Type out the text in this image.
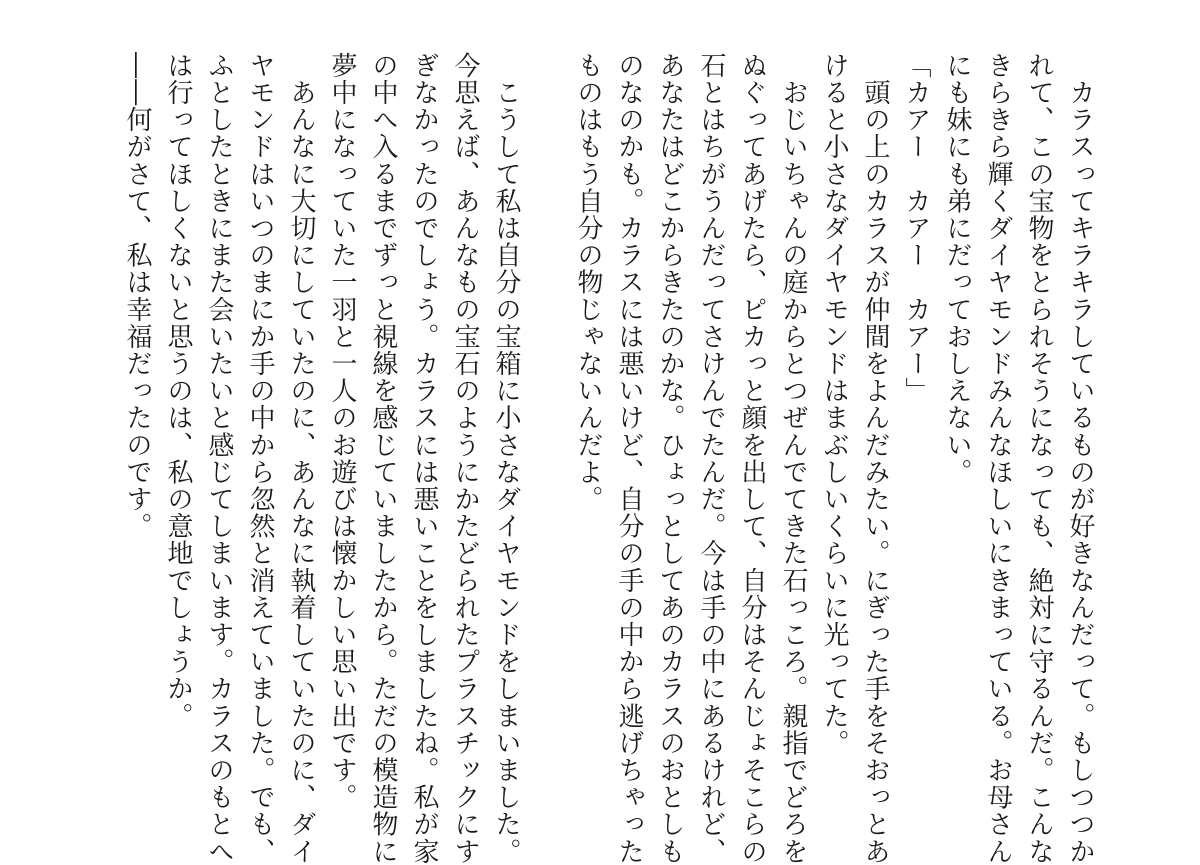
　カラスってキラキラしているものが好きなんだって。もしつつか
れて、この宝物をとられそうになっても、絶対に守るんだ。こんな
きらきら輝くダイヤモンドみんなほしいにきまっている。お母さん
にも妹にも弟にだっておしえない。
「カアー　カアー　カアー」
　頭の上のカラスが仲間をよんだみたい。にぎった手をそおっとあ
けると小さなダイヤモンドはまぶしいくらいに光ってた。
　おじいちゃんの庭からとつぜんでてきた石っころ。親指でどろを
ぬぐってあげたら、ピカっと顔を出して、自分はそんじょそこらの
石とはちがうんだってさけんでたんだ。今は手の中にあるけれど、
あなたはどこからきたのかな。ひょっとしてあのカラスのおとしも
のなのかも。カラスには悪いけど、自分の手の中から逃げちゃった
ものはもう自分の物じゃないんだよ。
　こうして私は自分の宝箱に小さなダイヤモンドをしまいました。
今思えば、あんなもの宝石のようにかたどられたプラスチックにす
ぎなかったのでしょう。カラスには悪いことをしましたね。私が家
の中へ入るまでずっと視線を感じていましたから。ただの模造物に
夢中になっていた一羽と一人のお遊びは懐かしい思い出です。
　あんなに大切にしていたのに、あんなに執着していたのに、ダイ
ヤモンドはいつのまにか手の中から忽然と消えていました。でも、
ふとしたときにまた会いたいと感じてしまいます。カラスのもとへ
は行ってほしくないと思うのは、私の意地でしょうか。
――何がさて、私は幸福だったのです。
